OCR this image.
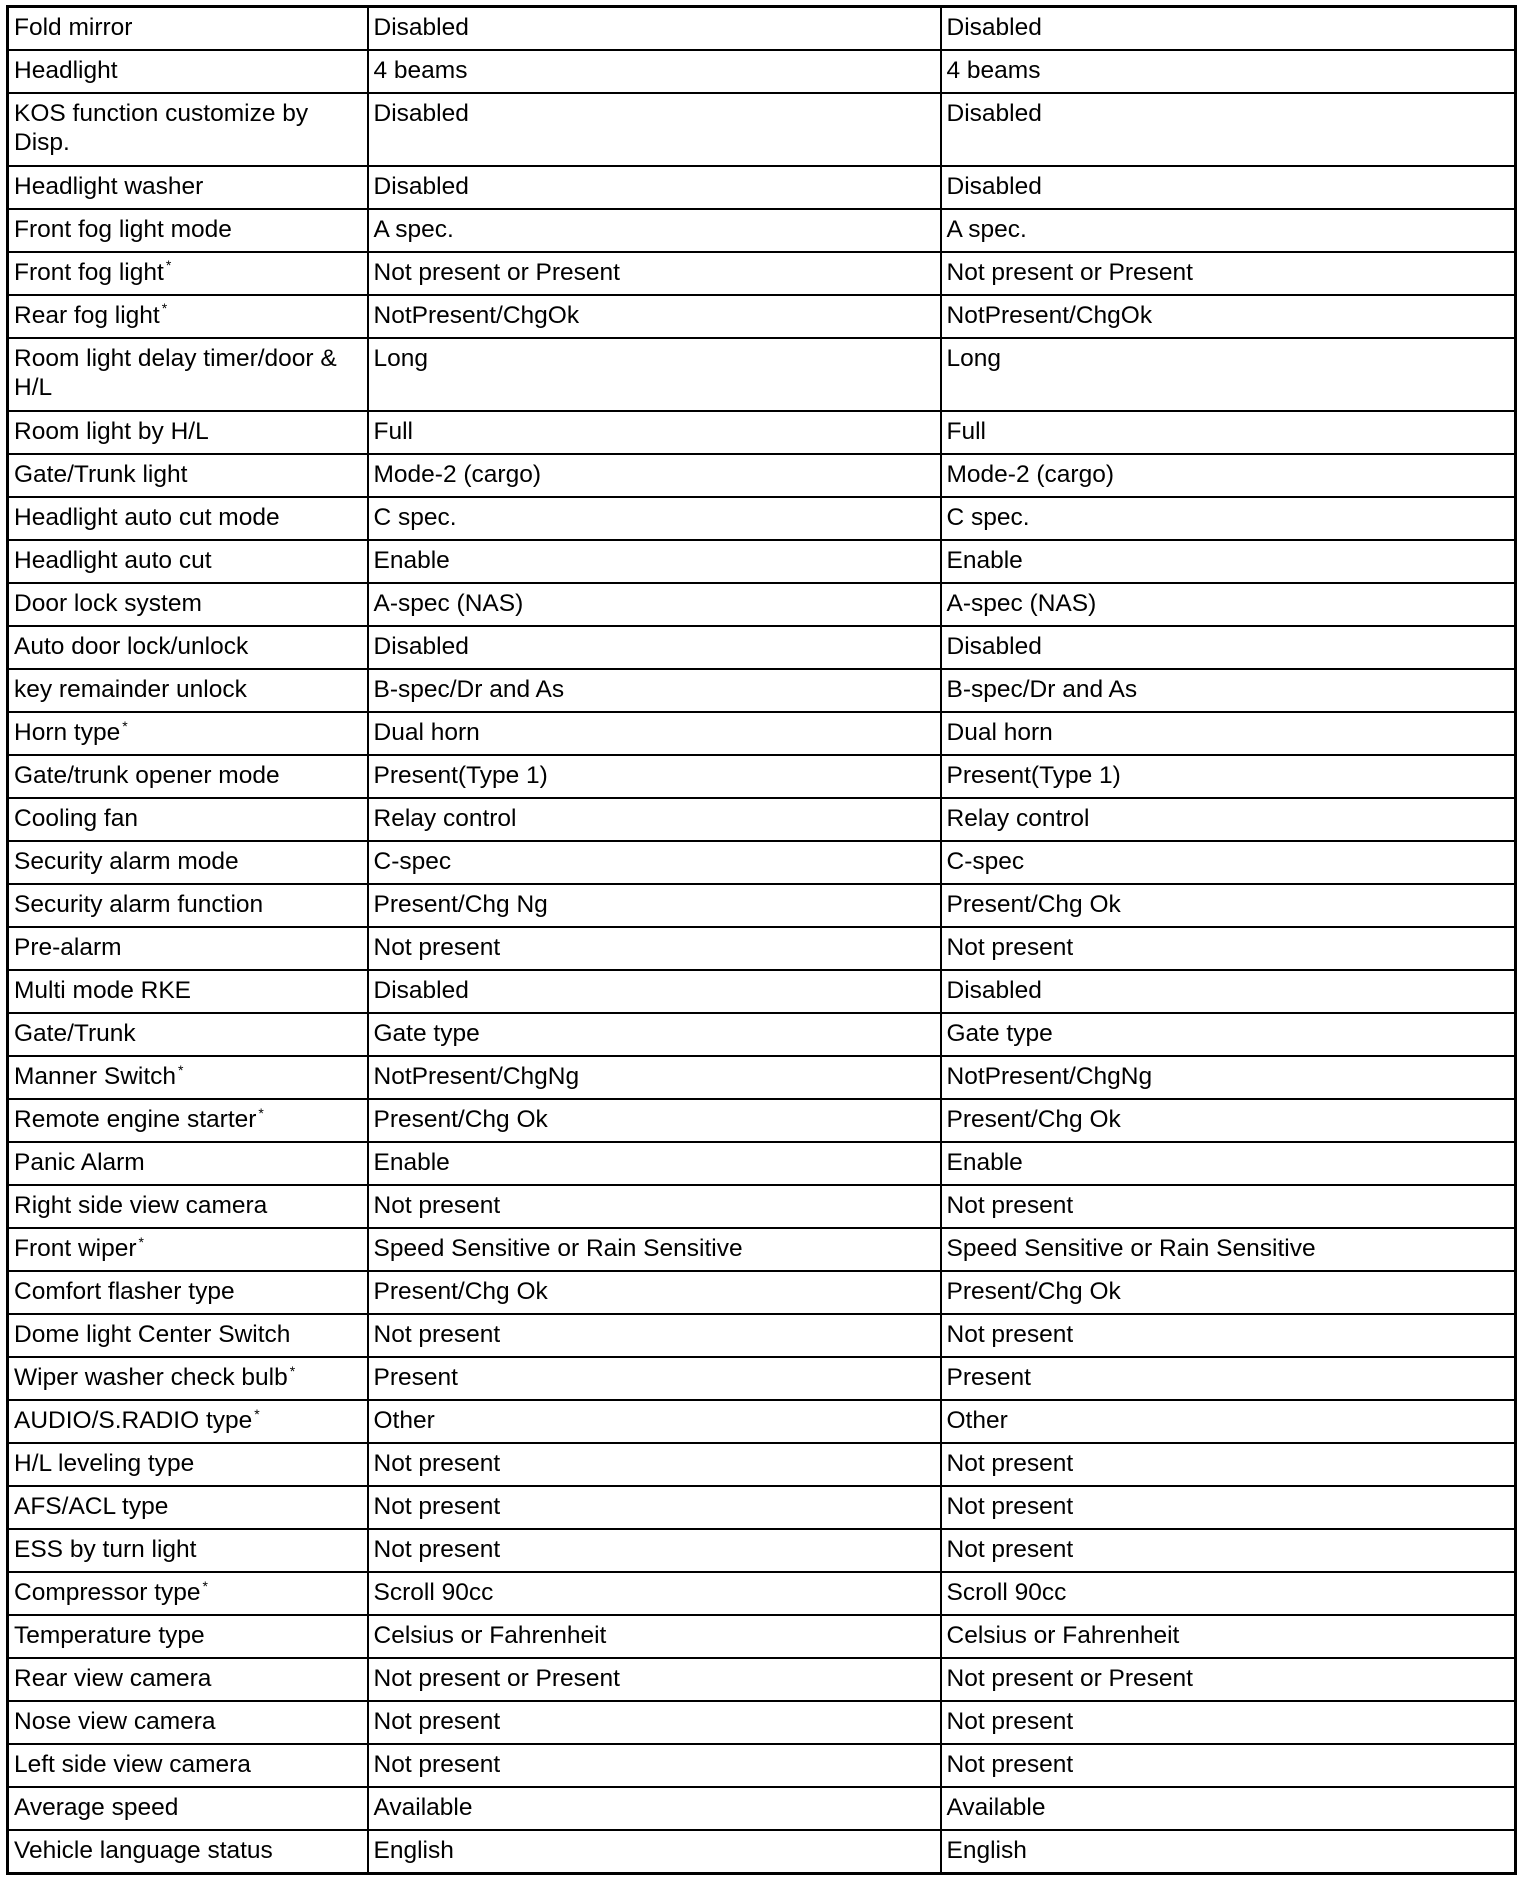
Fold mirror	Disabled	Disabled
Headlight	4 beams	4 beams
KOS function customize by Disp.	Disabled	Disabled
Headlight washer	Disabled	Disabled
Front fog light mode	A spec.	A spec.
Front fog light *	Not present or Present	Not present or Present
Rear fog light *	NotPresent/ChgOk	NotPresent/ChgOk
Room light delay timer/door & H/L	Long	Long
Room light by H/L	Full	Full
Gate/Trunk light	Mode-2 (cargo)	Mode-2 (cargo)
Headlight auto cut mode	C spec.	C spec.
Headlight auto cut	Enable	Enable
Door lock system	A-spec (NAS)	A-spec (NAS)
Auto door lock/unlock	Disabled	Disabled
key remainder unlock	B-spec/Dr and As	B-spec/Dr and As
Horn type *	Dual horn	Dual horn
Gate/trunk opener mode	Present(Type 1)	Present(Type 1)
Cooling fan	Relay control	Relay control
Security alarm mode	C-spec	C-spec
Security alarm function	Present/Chg Ng	Present/Chg Ok
Pre-alarm	Not present	Not present
Multi mode RKE	Disabled	Disabled
Gate/Trunk	Gate type	Gate type
Manner Switch *	NotPresent/ChgNg	NotPresent/ChgNg
Remote engine starter *	Present/Chg Ok	Present/Chg Ok
Panic Alarm	Enable	Enable
Right side view camera	Not present	Not present
Front wiper *	Speed Sensitive or Rain Sensitive	Speed Sensitive or Rain Sensitive
Comfort flasher type	Present/Chg Ok	Present/Chg Ok
Dome light Center Switch	Not present	Not present
Wiper washer check bulb *	Present	Present
AUDIO/S.RADIO type *	Other	Other
H/L leveling type	Not present	Not present
AFS/ACL type	Not present	Not present
ESS by turn light	Not present	Not present
Compressor type *	Scroll 90cc	Scroll 90cc
Temperature type	Celsius or Fahrenheit	Celsius or Fahrenheit
Rear view camera	Not present or Present	Not present or Present
Nose view camera	Not present	Not present
Left side view camera	Not present	Not present
Average speed	Available	Available
Vehicle language status	English	English
